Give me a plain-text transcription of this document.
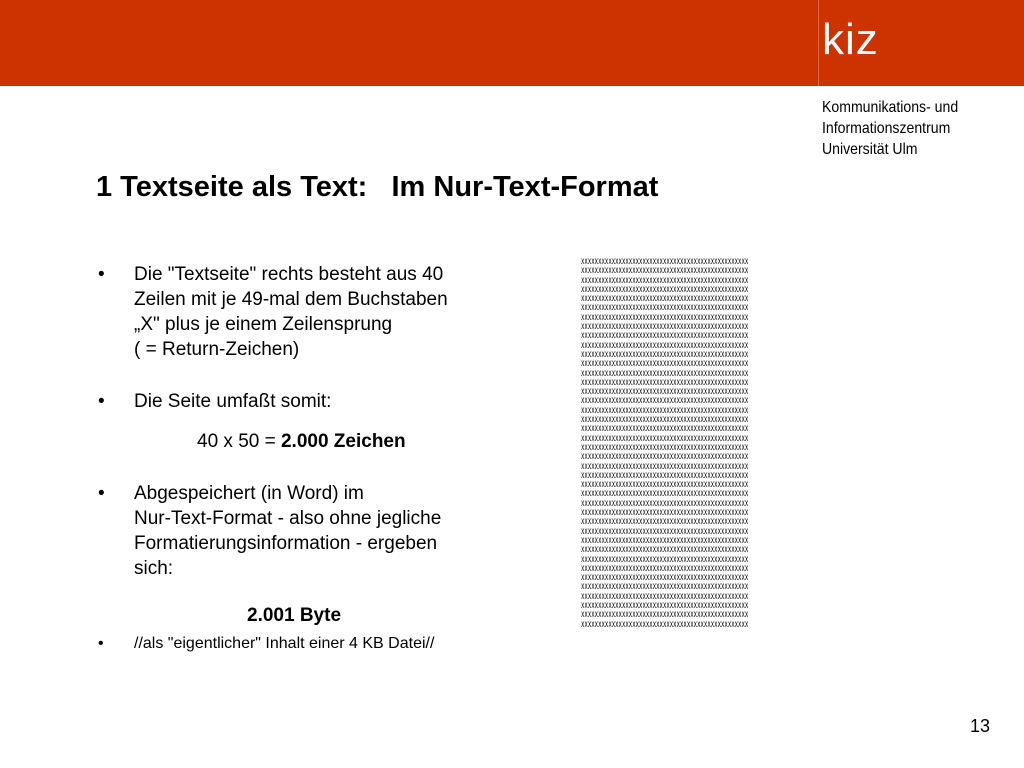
kiz
Kommunikations- und
Informationszentrum
Universität Ulm
1 Textseite als Text:   Im Nur-Text-Format
• Die "Textseite" rechts besteht aus 40
Zeilen mit je 49-mal dem Buchstaben
„X" plus je einem Zeilensprung
( = Return-Zeichen)
• Die Seite umfaßt somit:
40 x 50 = 2.000 Zeichen
• Abgespeichert (in Word) im
Nur-Text-Format - also ohne jegliche
Formatierungsinformation - ergeben
sich:
2.001 Byte
• //als "eigentlicher" Inhalt einer 4 KB Datei//
xxxxxxxxxxxxxxxxxxxxxxxxxxxxxxxxxxxxxxxxxxxxxxxxx
xxxxxxxxxxxxxxxxxxxxxxxxxxxxxxxxxxxxxxxxxxxxxxxxx
xxxxxxxxxxxxxxxxxxxxxxxxxxxxxxxxxxxxxxxxxxxxxxxxx
xxxxxxxxxxxxxxxxxxxxxxxxxxxxxxxxxxxxxxxxxxxxxxxxx
xxxxxxxxxxxxxxxxxxxxxxxxxxxxxxxxxxxxxxxxxxxxxxxxx
xxxxxxxxxxxxxxxxxxxxxxxxxxxxxxxxxxxxxxxxxxxxxxxxx
xxxxxxxxxxxxxxxxxxxxxxxxxxxxxxxxxxxxxxxxxxxxxxxxx
xxxxxxxxxxxxxxxxxxxxxxxxxxxxxxxxxxxxxxxxxxxxxxxxx
xxxxxxxxxxxxxxxxxxxxxxxxxxxxxxxxxxxxxxxxxxxxxxxxx
xxxxxxxxxxxxxxxxxxxxxxxxxxxxxxxxxxxxxxxxxxxxxxxxx
xxxxxxxxxxxxxxxxxxxxxxxxxxxxxxxxxxxxxxxxxxxxxxxxx
xxxxxxxxxxxxxxxxxxxxxxxxxxxxxxxxxxxxxxxxxxxxxxxxx
xxxxxxxxxxxxxxxxxxxxxxxxxxxxxxxxxxxxxxxxxxxxxxxxx
xxxxxxxxxxxxxxxxxxxxxxxxxxxxxxxxxxxxxxxxxxxxxxxxx
xxxxxxxxxxxxxxxxxxxxxxxxxxxxxxxxxxxxxxxxxxxxxxxxx
xxxxxxxxxxxxxxxxxxxxxxxxxxxxxxxxxxxxxxxxxxxxxxxxx
xxxxxxxxxxxxxxxxxxxxxxxxxxxxxxxxxxxxxxxxxxxxxxxxx
xxxxxxxxxxxxxxxxxxxxxxxxxxxxxxxxxxxxxxxxxxxxxxxxx
xxxxxxxxxxxxxxxxxxxxxxxxxxxxxxxxxxxxxxxxxxxxxxxxx
xxxxxxxxxxxxxxxxxxxxxxxxxxxxxxxxxxxxxxxxxxxxxxxxx
xxxxxxxxxxxxxxxxxxxxxxxxxxxxxxxxxxxxxxxxxxxxxxxxx
xxxxxxxxxxxxxxxxxxxxxxxxxxxxxxxxxxxxxxxxxxxxxxxxx
xxxxxxxxxxxxxxxxxxxxxxxxxxxxxxxxxxxxxxxxxxxxxxxxx
xxxxxxxxxxxxxxxxxxxxxxxxxxxxxxxxxxxxxxxxxxxxxxxxx
xxxxxxxxxxxxxxxxxxxxxxxxxxxxxxxxxxxxxxxxxxxxxxxxx
xxxxxxxxxxxxxxxxxxxxxxxxxxxxxxxxxxxxxxxxxxxxxxxxx
xxxxxxxxxxxxxxxxxxxxxxxxxxxxxxxxxxxxxxxxxxxxxxxxx
xxxxxxxxxxxxxxxxxxxxxxxxxxxxxxxxxxxxxxxxxxxxxxxxx
xxxxxxxxxxxxxxxxxxxxxxxxxxxxxxxxxxxxxxxxxxxxxxxxx
xxxxxxxxxxxxxxxxxxxxxxxxxxxxxxxxxxxxxxxxxxxxxxxxx
xxxxxxxxxxxxxxxxxxxxxxxxxxxxxxxxxxxxxxxxxxxxxxxxx
xxxxxxxxxxxxxxxxxxxxxxxxxxxxxxxxxxxxxxxxxxxxxxxxx
xxxxxxxxxxxxxxxxxxxxxxxxxxxxxxxxxxxxxxxxxxxxxxxxx
xxxxxxxxxxxxxxxxxxxxxxxxxxxxxxxxxxxxxxxxxxxxxxxxx
xxxxxxxxxxxxxxxxxxxxxxxxxxxxxxxxxxxxxxxxxxxxxxxxx
xxxxxxxxxxxxxxxxxxxxxxxxxxxxxxxxxxxxxxxxxxxxxxxxx
xxxxxxxxxxxxxxxxxxxxxxxxxxxxxxxxxxxxxxxxxxxxxxxxx
xxxxxxxxxxxxxxxxxxxxxxxxxxxxxxxxxxxxxxxxxxxxxxxxx
xxxxxxxxxxxxxxxxxxxxxxxxxxxxxxxxxxxxxxxxxxxxxxxxx
xxxxxxxxxxxxxxxxxxxxxxxxxxxxxxxxxxxxxxxxxxxxxxxxx
13
